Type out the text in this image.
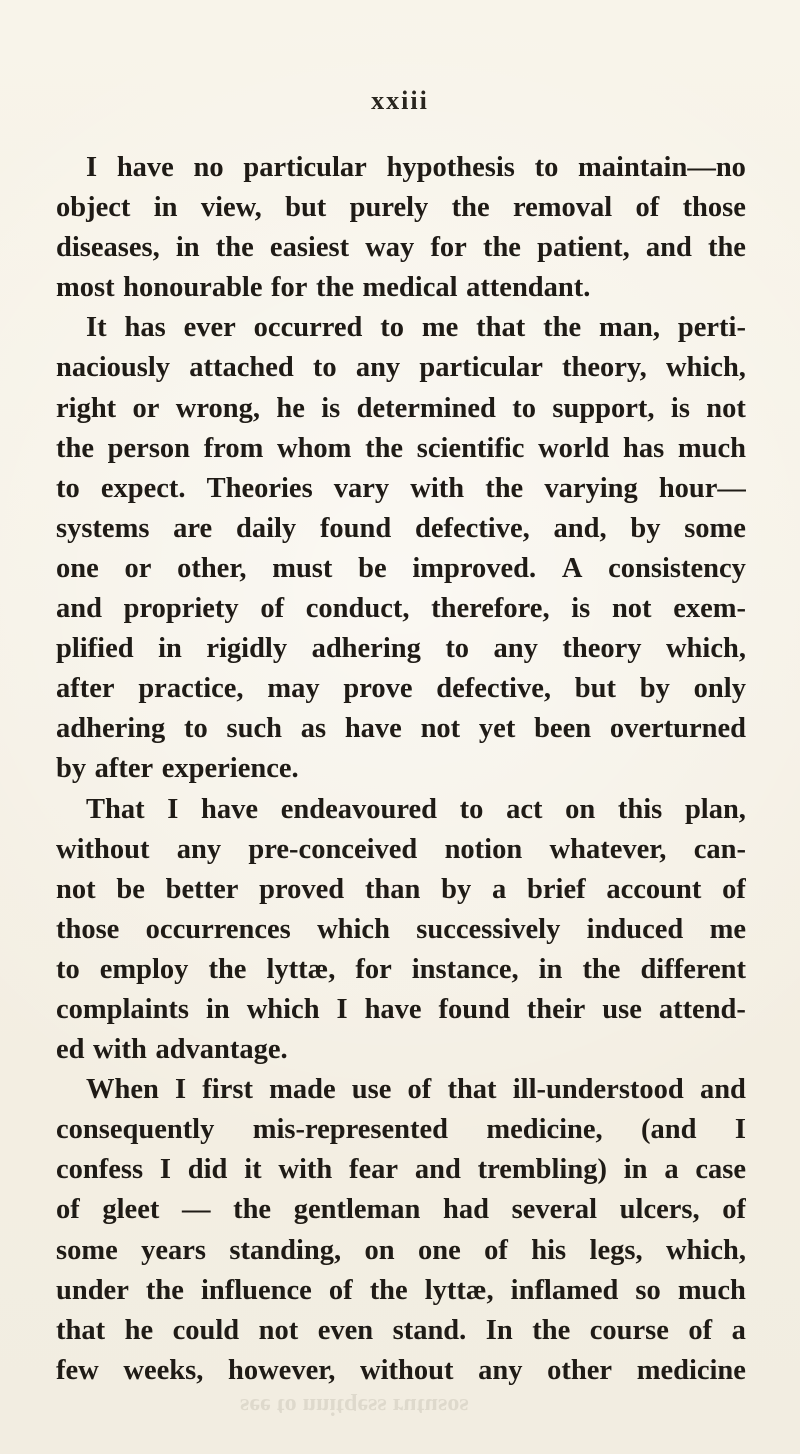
xxiii
I have no particular hypothesis to maintain—no
object in view, but purely the removal of those
diseases, in the easiest way for the patient, and the
most honourable for the medical attendant.
It has ever occurred to me that the man, perti-
naciously attached to any particular theory, which,
right or wrong, he is determined to support, is not
the person from whom the scientific world has much
to expect. Theories vary with the varying hour—
systems are daily found defective, and, by some
one or other, must be improved. A consistency
and propriety of conduct, therefore, is not exem-
plified in rigidly adhering to any theory which,
after practice, may prove defective, but by only
adhering to such as have not yet been overturned
by after experience.
That I have endeavoured to act on this plan,
without any pre-conceived notion whatever, can-
not be better proved than by a brief account of
those occurrences which successively induced me
to employ the lyttæ, for instance, in the different
complaints in which I have found their use attend-
ed with advantage.
When I first made use of that ill-understood and
consequently mis-represented medicine, (and I
confess I did it with fear and trembling) in a case
of gleet — the gentleman had several ulcers, of
some years standing, on one of his legs, which,
under the influence of the lyttæ, inflamed so much
that he could not even stand. In the course of a
few weeks, however, without any other medicine
see to nnitqess rutusos
